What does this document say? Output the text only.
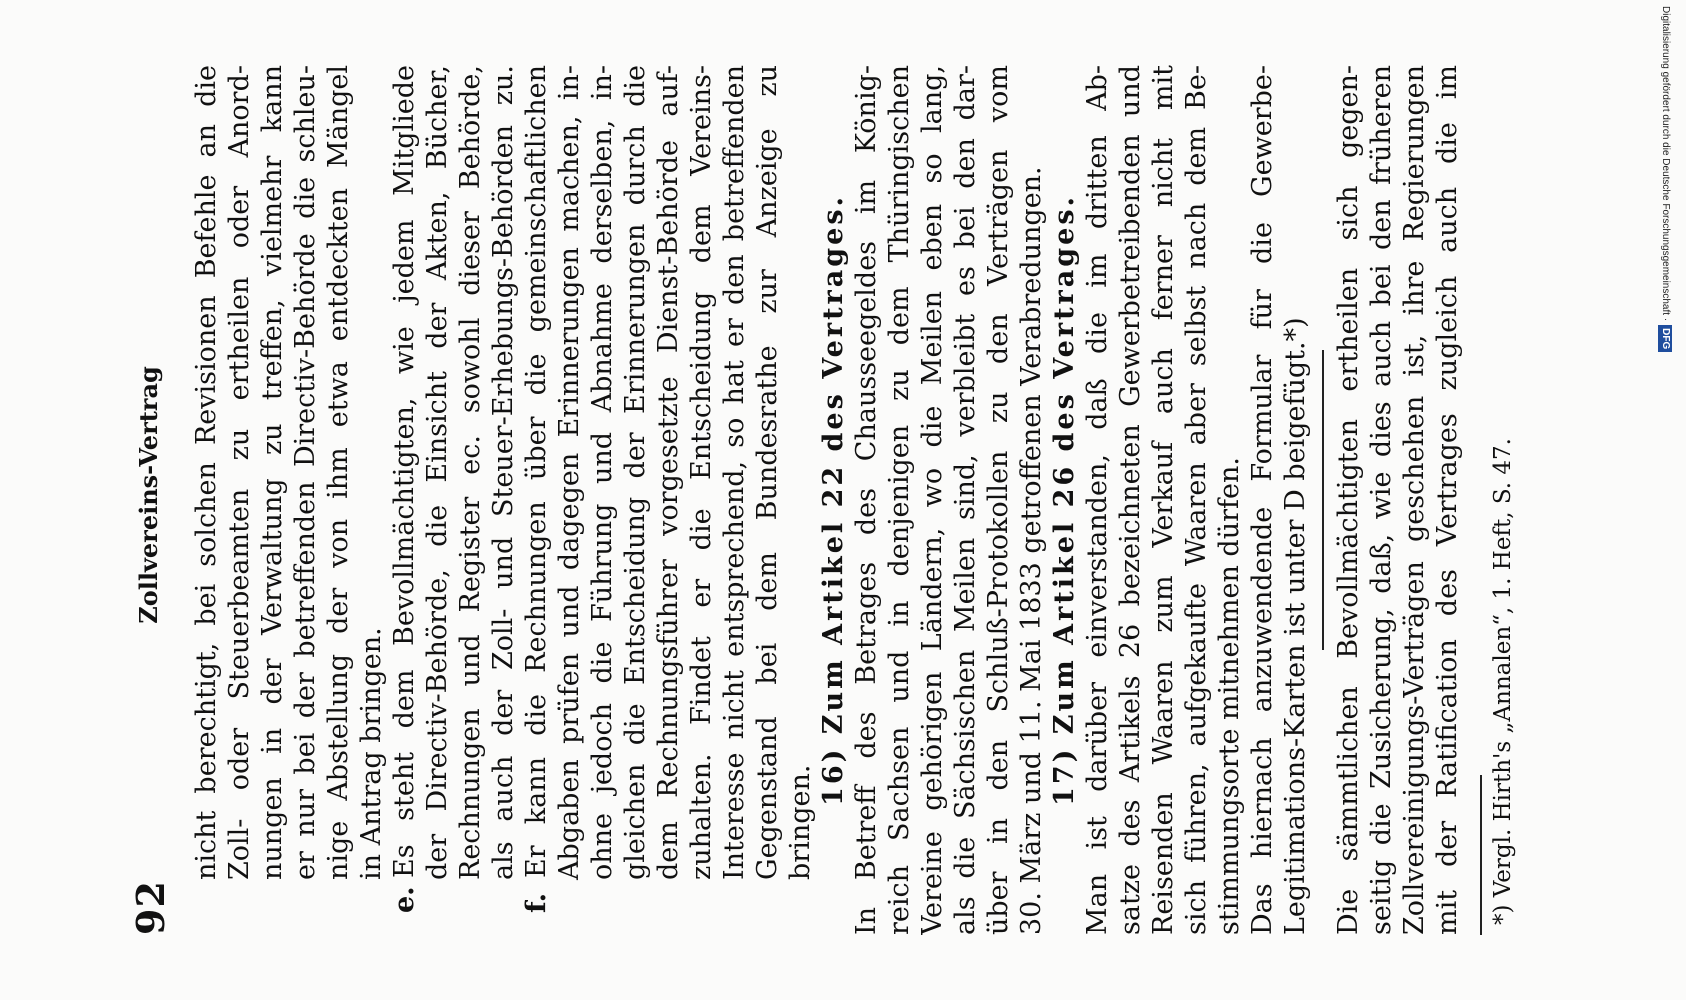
92
Zollvereins-Vertrag nicht berechtigt, bei solchen Revisionen Befehle an die Zoll- oder Steuerbeamten zu ertheilen oder Anord- nungen in der Verwaltung zu treffen, vielmehr kann er nur bei der betreffenden Directiv-Behörde die schleu- nige Abstellung der von ihm etwa entdeckten Mängel in Antrag bringen.
e.Es steht dem Bevollmächtigten, wie jedem Mitgliede der Directiv-Behörde, die Einsicht der Akten, Bücher, Rechnungen und Register ec. sowohl dieser Behörde, als auch der Zoll- und Steuer-Erhebungs-Behörden zu.
f.Er kann die Rechnungen über die gemeinschaftlichen Abgaben prüfen und dagegen Erinnerungen machen, in- ohne jedoch die Führung und Abnahme derselben, in- gleichen die Entscheidung der Erinnerungen durch die dem Rechnungsführer vorgesetzte Dienst-Behörde auf- zuhalten. Findet er die Entscheidung dem Vereins- Interesse nicht entsprechend, so hat er den betreffenden Gegenstand bei dem Bundesrathe zur Anzeige zu bringen.
16) Zum Artikel 22 des Vertrages. In Betreff des Betrages des Chausseegeldes im König- reich Sachsen und in denjenigen zu dem Thüringischen Vereine gehörigen Ländern, wo die Meilen eben so lang, als die Sächsischen Meilen sind, verbleibt es bei den dar- über in den Schluß-Protokollen zu den Verträgen vom 30. März und 11. Mai 1833 getroffenen Verabredungen. 17) Zum Artikel 26 des Vertrages. Man ist darüber einverstanden, daß die im dritten Ab- satze des Artikels 26 bezeichneten Gewerbetreibenden und Reisenden Waaren zum Verkauf auch ferner nicht mit sich führen, aufgekaufte Waaren aber selbst nach dem Be- stimmungsorte mitnehmen dürfen. Das hiernach anzuwendende Formular für die Gewerbe- Legitimations-Karten ist unter D beigefügt.*) Die sämmtlichen Bevollmächtigten ertheilen sich gegen- seitig die Zusicherung, daß, wie dies auch bei den früheren Zollvereinigungs-Verträgen geschehen ist, ihre Regierungen mit der Ratification des Vertrages zugleich auch die im *) Vergl. Hirth's „Annalen“, 1. Heft, S. 47.
Digitalisierung gefördert durch die Deutsche Forschungsgemeinschaft ·DFG
